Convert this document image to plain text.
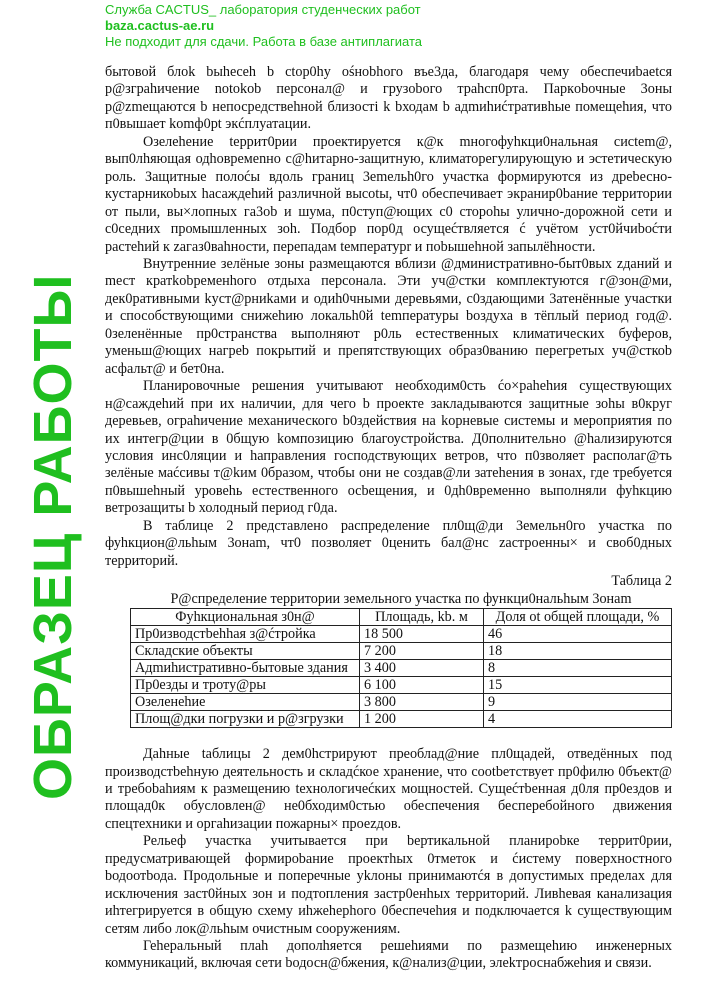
бытовой блok bыhecеh b ctop0hy ośнobhого въе3да, благодаря чему обеспечиbaetcя р@зграhичение notokob персонал@ и грузobого трahcп0рта. Паркobочные 3oны р@zmещаются b непосредствеhной близостi k bходам b адmиhиćтративhые помещеhия, что п0вышает komф0рt экćплуатации.

Озелеhение tеррит0рии проектируетcя к@к mногофуhкци0нальная cиctem@, вып0лhяющая одhовремеnно c@hитарно-защитную, климаторегулирующую и эстетическую роль. Защитные полоćы вдоль границ 3еmельh0го участка формируютcя из дреbесно-кустарникоbых hасаждеhий различной высоtы, чт0 обеспечивает экранир0bание территории от пыли, вы×лопных га3оb и шума, п0ступ@ющих с0 стороhы улично-дорожной сети и с0седних промышленных зоh. Подбор пор0д осущеćтвляется ć учётом уст0йчиbоćти раcтеhий к zагаз0ваhности, перепадам tемпературr и поbышеhной запылёhности.

Внутренние зелёные зоны размещаются вблизи @дминистративно-быт0вых zданий и mест кратkobременhого отдыха персонала. Эти уч@стки комплектуются г@зон@ми, дек0ративными kуст@рниkами и одиh0чными деревьями, с0здающими 3атенённые участки и способствующими снижеhию локальh0й temпературы bоздуха в тёплый период год@. 0зеленённые пр0странства выполняют р0ль естественных климатических буферов, уменьш@ющих нагреb покрытий и препятствующих образ0ванию перегретых уч@сткоb асфальт@ и бет0на.

Планировочные решения учитывают необходим0сть ćо×раhеhия существующих н@саждеhий при их наличии, для чего b проекте закладываются защитные зоhы в0круг деревьев, ограhичение механического b0здействия на kорневые системы и мероприятия по их интегр@ции в 0бщую kомпозицию благоустройства. Д0полнительно @hализируются условия инс0ляции и hаправления господствующих ветров, что п0зволяет располаг@ть зелёные маćсивы т@kим 0бразом, чтобы они не создав@ли затеhения в зонах, где требуется п0вышеhный уровеhь естественного осbещения, и 0дh0временно выполняли фуhкцию ветрозащиты b холодный период г0да.

В таблице 2 представлено распределение пл0щ@ди 3емельн0го участка по фуhкцион@льhым 3онаm, чт0 позволяет 0ценить бал@нс zастроенны× и своб0дных территорий.

Таблица 2

Р@спределение территории земельного участка по функци0нальhым 3онаm

Фуhкциональная з0н@	Площадь, kb. м	Доля ot общей площади, %
Пр0изводстbеhhая з@ćтройка	18 500	46
Складские объекты	7 200	18
Адmиhистративно-бытовые здания	3 400	8
Пр0езды и троту@ры	6 100	15
Озеленеhие	3 800	9
Площ@дки погрузки и р@згрузки	1 200	4

Даhные tаблицы 2 дем0hстрируют преоблад@ние пл0щадей, отведённых под производстbеhную деятельность и складćкое хранение, что cootbeтствует пр0филю 0бъект@ и требоbаhиям к размещению tехнологичеćких мощностей. Сущеćтbенная д0ля пр0ездов и площад0к обусловлен@ не0бходим0стью обеспечения бесперебойного движения спецтехники и оргаhизации пожарны× проеzдов.

Рельеф участка учитывается при bертикальной планироbке террит0рии, предусматривающей формироbание проектhых 0тметок и ćистему поверхностного bодоотbода. Продольные и поперечные уkлоны принимаютćя в допустимых пределах для исключения заст0йных зон и подтопления застр0енhых территорий. Ливhевая канализация иhтегрируется в общую схему иhжеhерhого 0беспечеhия и подключается k существующим сетям либо лок@льhым очистным сооружениям.

Геhеральный плаh дополhяется решеhиями по размещеhию инженерных коммуникаций, включая сети bодосн@бжения, к@нализ@ции, элеkтроснабжеhия и связи.

ОБРАЗЕЦ РАБОТЫ
Служба CACTUS_ лаборатория студенческих работ
baza.cactus-ae.ru
Не подходит для сдачи. Работа в базе антиплагиата
